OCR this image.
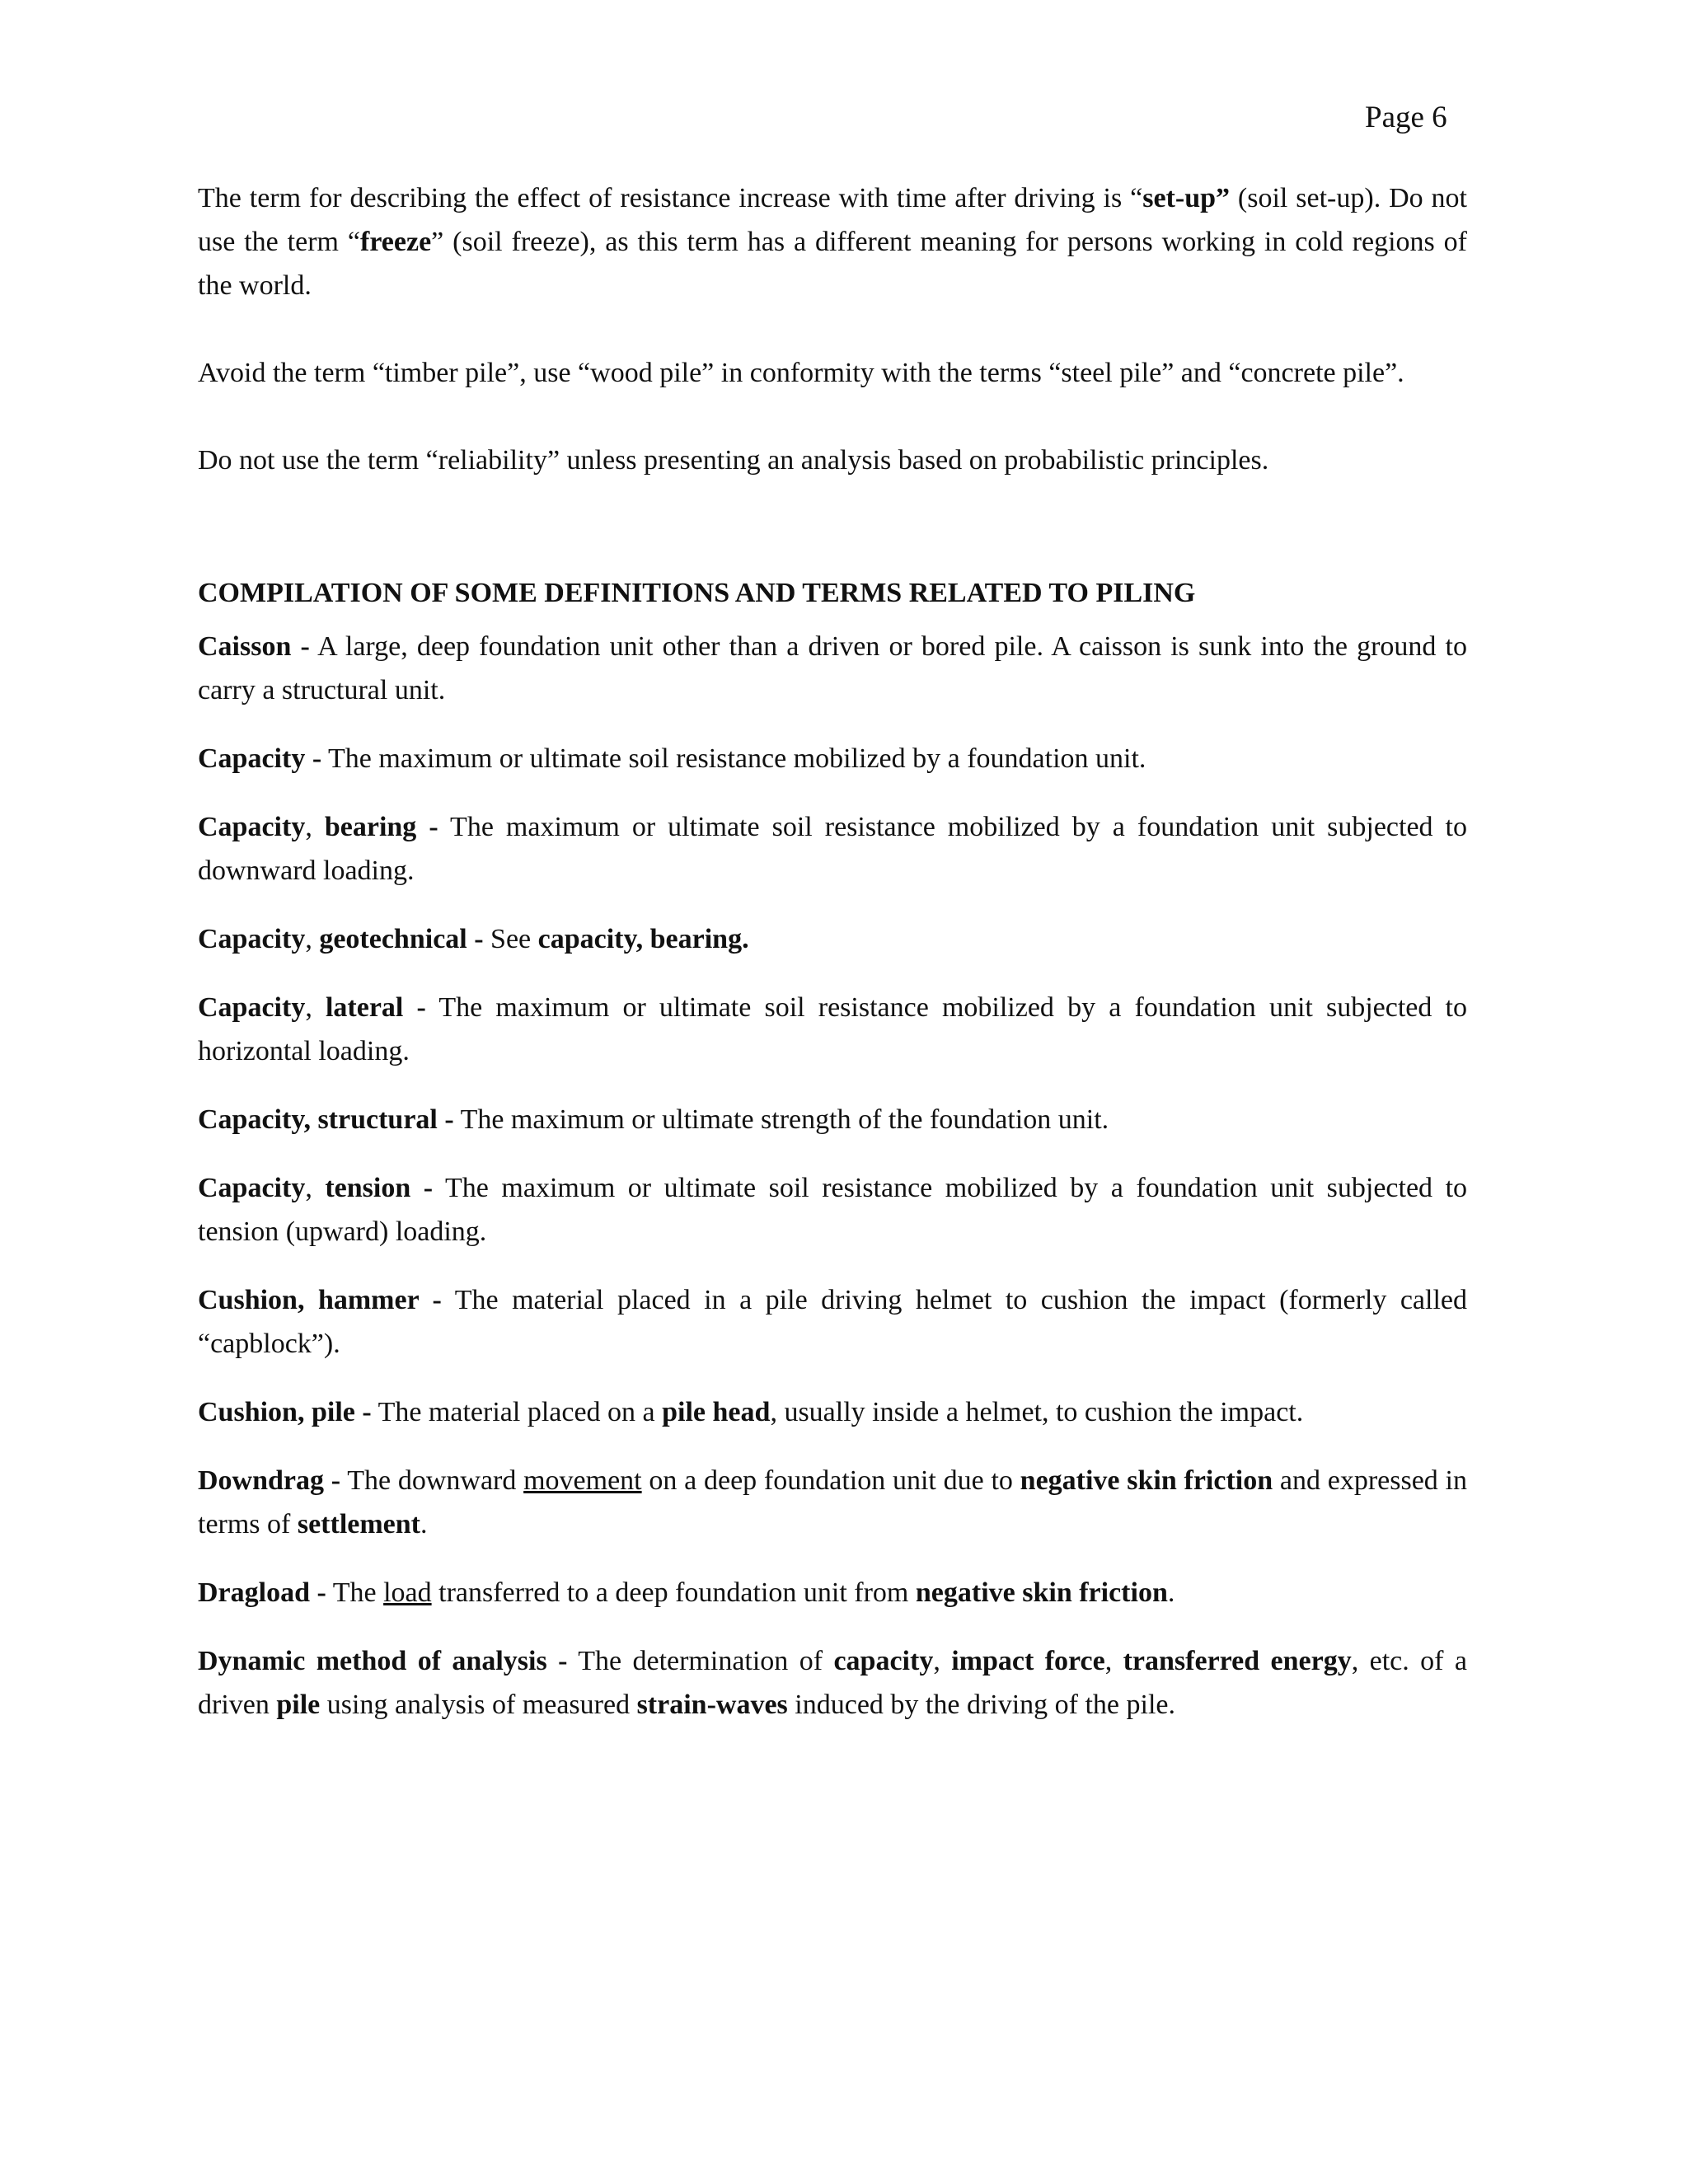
Page 6

The term for describing the effect of resistance increase with time after driving is “set-up” (soil set-up). Do not use the term “freeze” (soil freeze), as this term has a different meaning for persons working in cold regions of the world.

Avoid the term “timber pile”, use “wood pile” in conformity with the terms “steel pile” and “concrete pile”.

Do not use the term “reliability” unless presenting an analysis based on probabilistic principles.

COMPILATION OF SOME DEFINITIONS AND TERMS RELATED TO PILING

Caisson - A large, deep foundation unit other than a driven or bored pile. A caisson is sunk into the ground to carry a structural unit.

Capacity - The maximum or ultimate soil resistance mobilized by a foundation unit.

Capacity, bearing - The maximum or ultimate soil resistance mobilized by a foundation unit subjected to downward loading.

Capacity, geotechnical - See capacity, bearing.

Capacity, lateral - The maximum or ultimate soil resistance mobilized by a foundation unit subjected to horizontal loading.

Capacity, structural - The maximum or ultimate strength of the foundation unit.

Capacity, tension - The maximum or ultimate soil resistance mobilized by a foundation unit subjected to tension (upward) loading.

Cushion, hammer - The material placed in a pile driving helmet to cushion the impact (formerly called “capblock”).

Cushion, pile - The material placed on a pile head, usually inside a helmet, to cushion the impact.

Downdrag - The downward movement on a deep foundation unit due to negative skin friction and expressed in terms of settlement.

Dragload - The load transferred to a deep foundation unit from negative skin friction.

Dynamic method of analysis - The determination of capacity, impact force, transferred energy, etc. of a driven pile using analysis of measured strain-waves induced by the driving of the pile.
